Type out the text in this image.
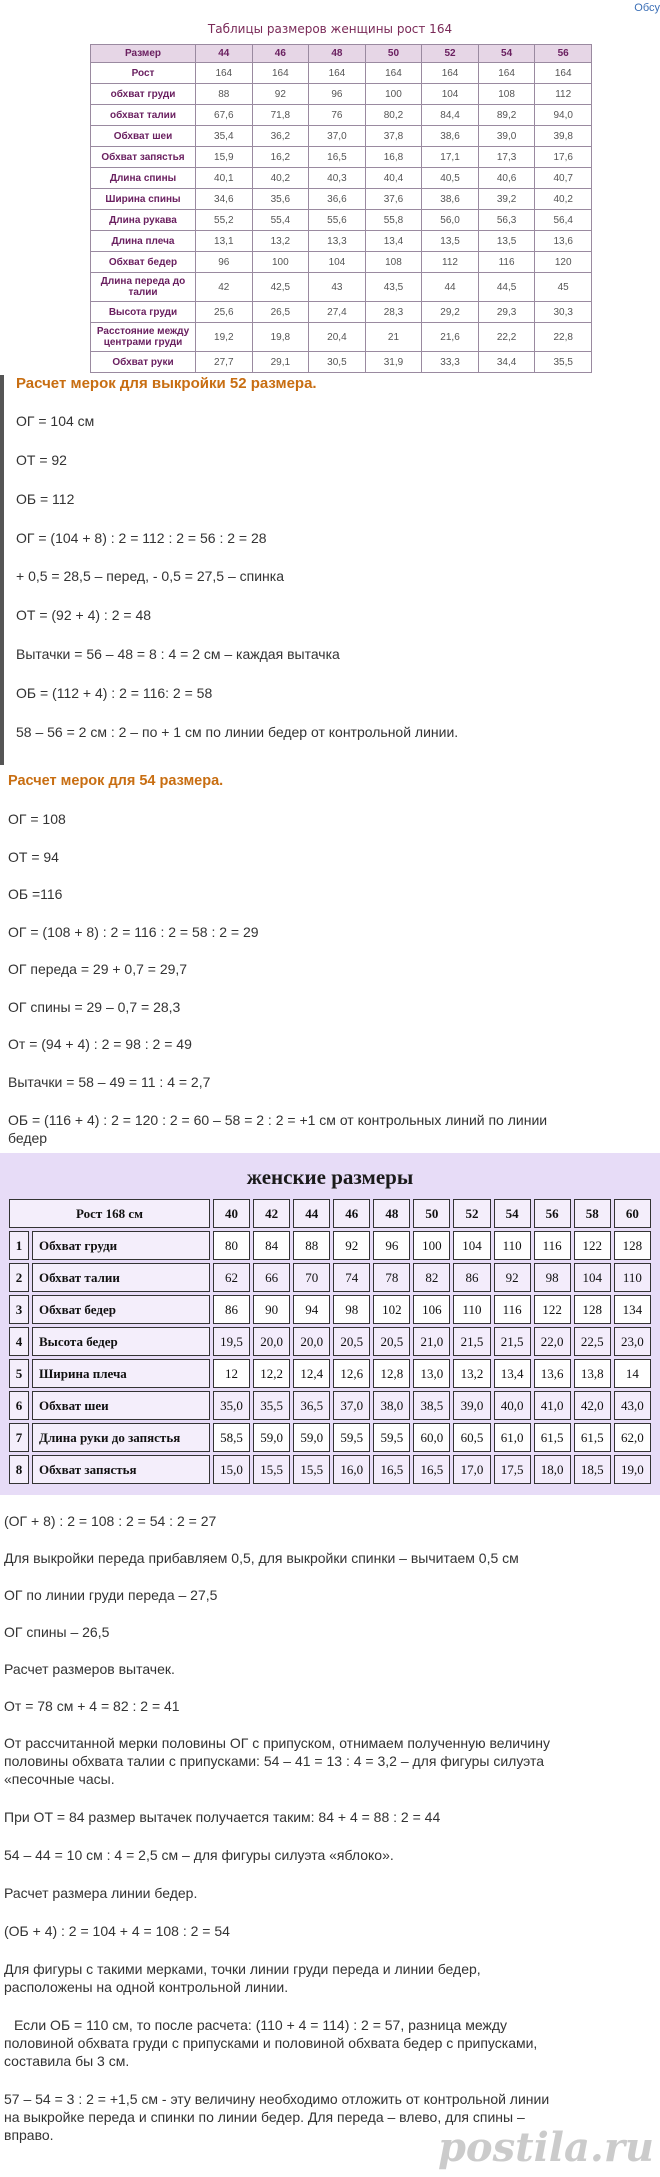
Обсу
Таблицы размеров женщины рост 164
Размер	44	46	48	50	52	54	56
Рост	164	164	164	164	164	164	164
обхват груди	88	92	96	100	104	108	112
обхват талии	67,6	71,8	76	80,2	84,4	89,2	94,0
Обхват шеи	35,4	36,2	37,0	37,8	38,6	39,0	39,8
Обхват запястья	15,9	16,2	16,5	16,8	17,1	17,3	17,6
Длина спины	40,1	40,2	40,3	40,4	40,5	40,6	40,7
Ширина спины	34,6	35,6	36,6	37,6	38,6	39,2	40,2
Длина рукава	55,2	55,4	55,6	55,8	56,0	56,3	56,4
Длина плеча	13,1	13,2	13,3	13,4	13,5	13,5	13,6
Обхват бедер	96	100	104	108	112	116	120
Длина переда до талии	42	42,5	43	43,5	44	44,5	45
Высота груди	25,6	26,5	27,4	28,3	29,2	29,3	30,3
Расстояние между центрами груди	19,2	19,8	20,4	21	21,6	22,2	22,8
Обхват руки	27,7	29,1	30,5	31,9	33,3	34,4	35,5
Расчет мерок для выкройки 52 размера.
ОГ = 104 см
ОТ = 92
ОБ = 112
ОГ = (104 + 8) : 2 = 112 : 2 = 56 : 2 = 28
+ 0,5 = 28,5 – перед, - 0,5 = 27,5 – спинка
ОТ = (92 + 4) : 2 = 48
Вытачки = 56 – 48 = 8 : 4 = 2 см – каждая вытачка
ОБ = (112 + 4) : 2 = 116: 2 = 58
58 – 56 = 2 см : 2 – по + 1 см по линии бедер от контрольной линии.
Расчет мерок для 54 размера.
ОГ = 108
ОТ = 94
ОБ =116
ОГ = (108 + 8) : 2 = 116 : 2 = 58 : 2 = 29
ОГ переда = 29 + 0,7 = 29,7
ОГ спины = 29 – 0,7 = 28,3
От = (94 + 4) : 2 = 98 : 2 = 49
Вытачки = 58 – 49 = 11 : 4 = 2,7
ОБ = (116 + 4) : 2 = 120 : 2 = 60 – 58 = 2 : 2 = +1 см от контрольных линий по линии
бедер
женские размеры
Рост 168 см		40	42	44	46	48	50	52	54	56	58	60
1	Обхват груди	80	84	88	92	96	100	104	110	116	122	128
2	Обхват талии	62	66	70	74	78	82	86	92	98	104	110
3	Обхват бедер	86	90	94	98	102	106	110	116	122	128	134
4	Высота бедер	19,5	20,0	20,0	20,5	20,5	21,0	21,5	21,5	22,0	22,5	23,0
5	Ширина плеча	12	12,2	12,4	12,6	12,8	13,0	13,2	13,4	13,6	13,8	14
6	Обхват шеи	35,0	35,5	36,5	37,0	38,0	38,5	39,0	40,0	41,0	42,0	43,0
7	Длина руки до запястья	58,5	59,0	59,0	59,5	59,5	60,0	60,5	61,0	61,5	61,5	62,0
8	Обхват запястья	15,0	15,5	15,5	16,0	16,5	16,5	17,0	17,5	18,0	18,5	19,0
(ОГ + 8) : 2 = 108 : 2 = 54 : 2 = 27
Для выкройки переда прибавляем 0,5, для выкройки спинки – вычитаем 0,5 см
ОГ по линии груди переда – 27,5
ОГ спины – 26,5
Расчет размеров вытачек.
От = 78 см + 4 = 82 : 2 = 41
От рассчитанной мерки половины ОГ с припуском, отнимаем полученную величину
половины обхвата талии с припусками: 54 – 41 = 13 : 4 = 3,2 – для фигуры силуэта
«песочные часы.
При ОТ = 84 размер вытачек получается таким: 84 + 4 = 88 : 2 = 44
54 – 44 = 10 см : 4 = 2,5 см – для фигуры силуэта «яблоко».
Расчет размера линии бедер.
(ОБ + 4) : 2 = 104 + 4 = 108 : 2 = 54
Для фигуры с такими мерками, точки линии груди переда и линии бедер,
расположены на одной контрольной линии.
Если ОБ = 110 см, то после расчета: (110 + 4 = 114) : 2 = 57, разница между
половиной обхвата груди с припусками и половиной обхвата бедер с припусками,
составила бы 3 см.
57 – 54 = 3 : 2 = +1,5 см - эту величину необходимо отложить от контрольной линии
на выкройке переда и спинки по линии бедер. Для переда – влево, для спины –
вправо.	postila.ru
